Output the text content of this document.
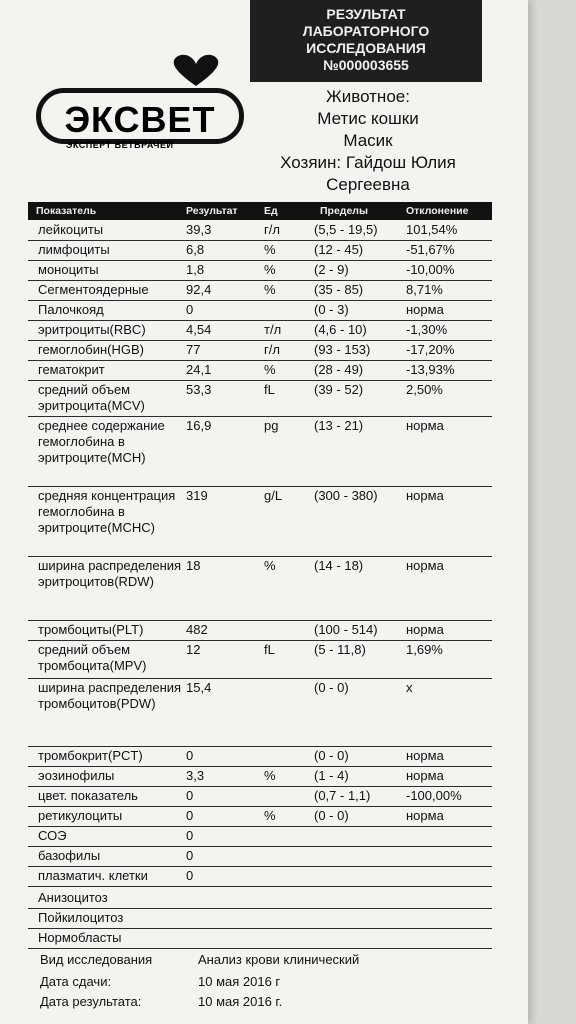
ЭКСВЕТ
ЭКСПЕРТ ВЕТВРАЧЕЙ
РЕЗУЛЬТАТ
ЛАБОРАТОРНОГО
ИССЛЕДОВАНИЯ
№000003655
Животное:
Метис кошки
Масик
Хозяин: Гайдош Юлия
Сергеевна
Показатель	Результат	Ед	Пределы	Отклонение
Вид исследования	Анализ крови клинический
Дата сдачи:	10 мая 2016 г
Дата результата:	10 мая 2016 г.
лейкоциты	39,3	г/л	(5,5 - 19,5) 101,54%
лимфоциты	6,8	%	(12 - 45)	-51,67%
моноциты	1,8	%	(2 - 9)	-10,00%
Сегментоядерные	92,4	%	(35 - 85)	8,71%
Палочкояд	0	(0 - 3)	норма
эритроциты(RBC)	4,54	т/л	(4,6 - 10)	-1,30%
гемоглобин(HGB)	77	г/л	(93 - 153)	-17,20%
гематокрит	24,1	%	(28 - 49)	-13,93%
средний объем эритроцита(MCV)
53,3	fL	(39 - 52)	2,50%
среднее содержание гемоглобина в эритроците(MCH)
16,9	pg	(13 - 21)	норма
средняя концентрация гемоглобина в эритроците(MCHC)
319	g/L (300 - 380) норма
ширина распределения эритроцитов(RDW)
18	%	(14 - 18)	норма
тромбоциты(PLT)	482	(100 - 514) норма
средний объем тромбоцита(MPV)
12	fL	(5 - 11,8)	1,69%
ширина распределения тромбоцитов(PDW)
15,4	(0 - 0)	x
тромбокрит(PCT)	0	(0 - 0)	норма
эозинофилы	3,3	%	(1 - 4)	норма
цвет. показатель	0	(0,7 - 1,1)	-100,00%
ретикулоциты	0	%	(0 - 0)	норма
СОЭ	0
базофилы	0
плазматич. клетки	0
Анизоцитоз
Пойкилоцитоз
Нормобласты
